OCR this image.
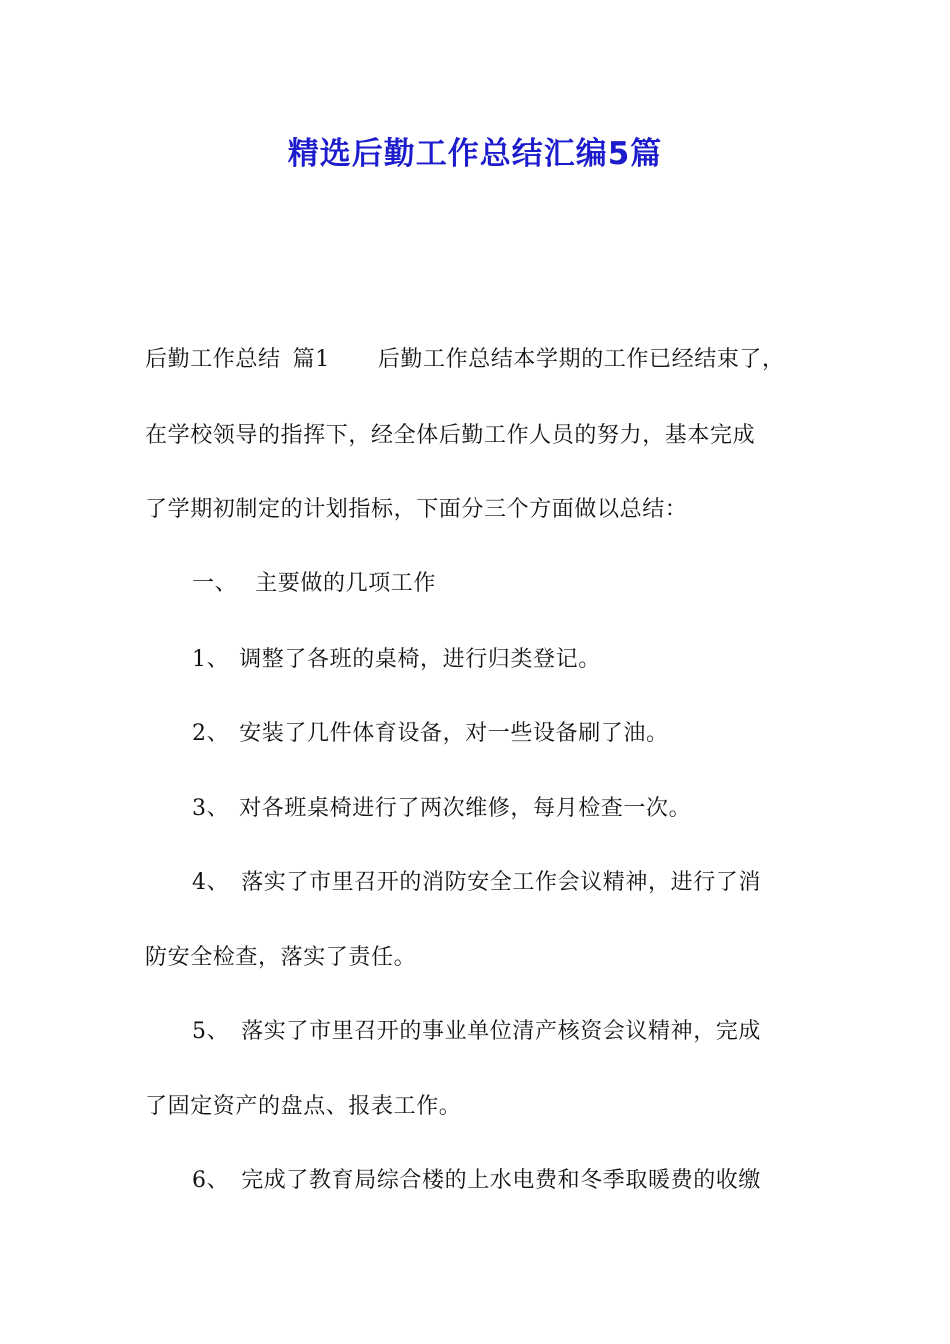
精选后勤工作总结汇编5篇
后勤工作总结 篇1 后勤工作总结本学期的工作已经结束了，
在学校领导的指挥下，经全体后勤工作人员的努力，基本完成
了学期初制定的计划指标，下面分三个方面做以总结：
一、 主要做的几项工作
1、 调整了各班的桌椅，进行归类登记。
2、 安装了几件体育设备，对一些设备刷了油。
3、 对各班桌椅进行了两次维修，每月检查一次。
4、 落实了市里召开的消防安全工作会议精神，进行了消
防安全检查，落实了责任。
5、 落实了市里召开的事业单位清产核资会议精神，完成
了固定资产的盘点、报表工作。
6、 完成了教育局综合楼的上水电费和冬季取暖费的收缴
